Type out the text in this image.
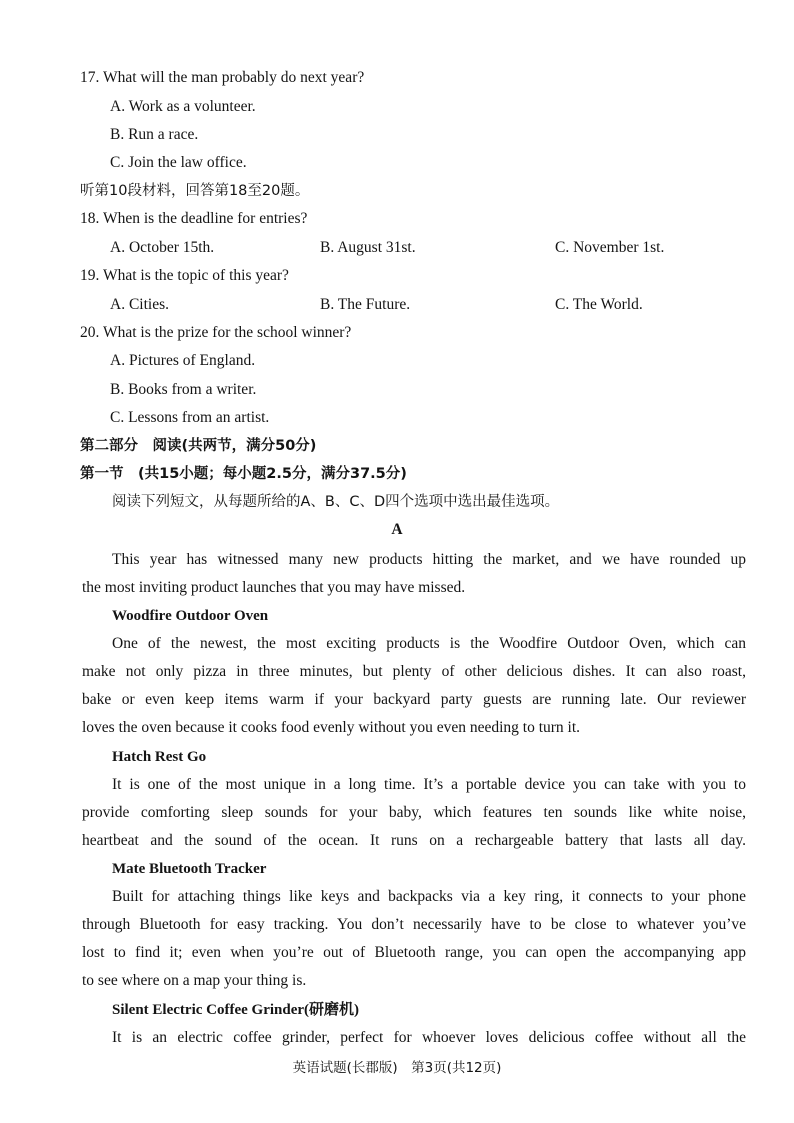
17. What will the man probably do next year?
A. Work as a volunteer.
B. Run a race.
C. Join the law office.
听第10段材料，回答第18至20题。
18. When is the deadline for entries?
A. October 15th.	B. August 31st.	C. November 1st.
19. What is the topic of this year?
A. Cities.	B. The Future.	C. The World.
20. What is the prize for the school winner?
A. Pictures of England.
B. Books from a writer.
C. Lessons from an artist.
第二部分　阅读(共两节，满分50分)
第一节　(共15小题；每小题2.5分，满分37.5分)
阅读下列短文，从每题所给的A、B、C、D四个选项中选出最佳选项。
A
This year has witnessed many new products hitting the market, and we have rounded up
the most inviting product launches that you may have missed.
Woodfire Outdoor Oven
One of the newest, the most exciting products is the Woodfire Outdoor Oven, which can
make not only pizza in three minutes, but plenty of other delicious dishes. It can also roast,
bake or even keep items warm if your backyard party guests are running late. Our reviewer
loves the oven because it cooks food evenly without you even needing to turn it.
Hatch Rest Go
It is one of the most unique in a long time. It’s a portable device you can take with you to
provide comforting sleep sounds for your baby, which features ten sounds like white noise,
heartbeat and the sound of the ocean. It runs on a rechargeable battery that lasts all day.
Mate Bluetooth Tracker
Built for attaching things like keys and backpacks via a key ring, it connects to your phone
through Bluetooth for easy tracking. You don’t necessarily have to be close to whatever you’ve
lost to find it; even when you’re out of Bluetooth range, you can open the accompanying app
to see where on a map your thing is.
Silent Electric Coffee Grinder(研磨机)
It is an electric coffee grinder, perfect for whoever loves delicious coffee without all the
英语试题(长郡版)　第3页(共12页)
